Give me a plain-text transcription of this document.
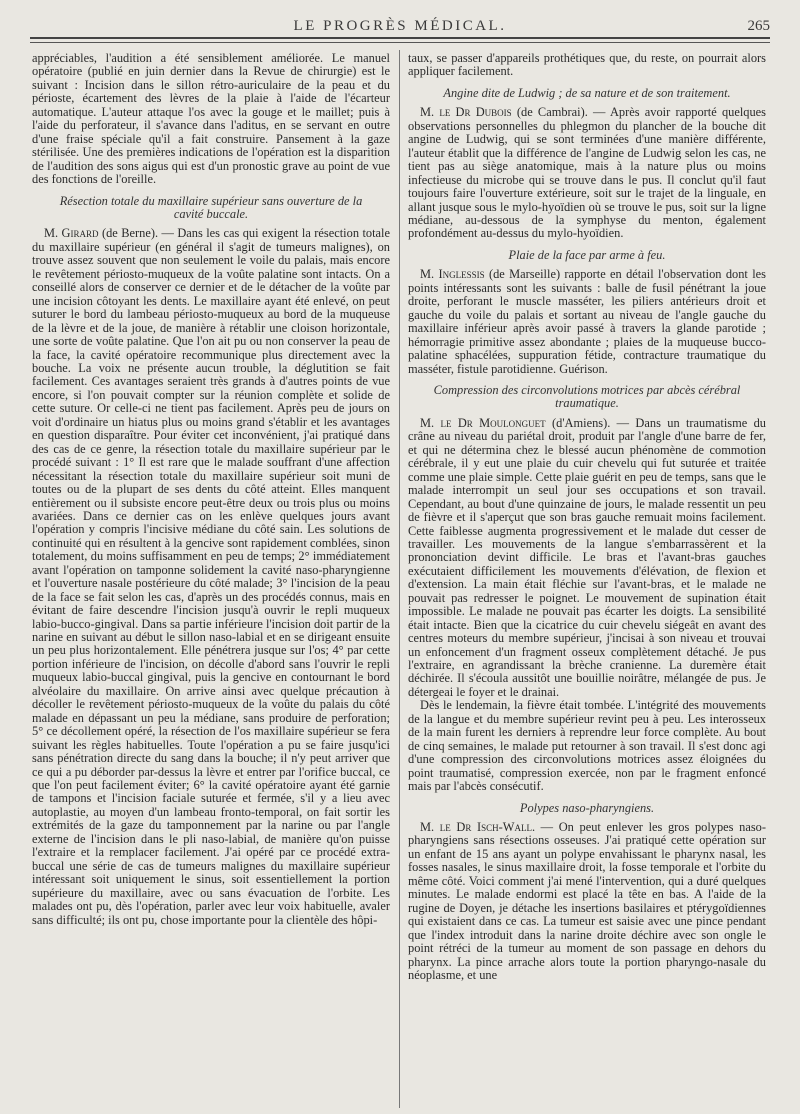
LE PROGRÈS MÉDICAL.	265

appréciables, l'audition a été sensiblement améliorée. Le manuel opératoire (publié en juin dernier dans la Revue de chirurgie) est le suivant : Incision dans le sillon rétro-auriculaire de la peau et du périoste, écartement des lèvres de la plaie à l'aide de l'écarteur automatique. L'auteur attaque l'os avec la gouge et le maillet; puis à l'aide du perforateur, il s'avance dans l'aditus, en se servant en outre d'une fraise spéciale qu'il a fait construire. Pansement à la gaze stérilisée. Une des premières indications de l'opération est la disparition de l'audition des sons aigus qui est d'un pronostic grave au point de vue des fonctions de l'oreille.

Résection totale du maxillaire supérieur sans ouverture de la cavité buccale.

M. Girard (de Berne). — Dans les cas qui exigent la résection totale du maxillaire supérieur (en général il s'agit de tumeurs malignes), on trouve assez souvent que non seulement le voile du palais, mais encore le revêtement périosto-muqueux de la voûte palatine sont intacts. On a conseillé alors de conserver ce dernier et de le détacher de la voûte par une incision côtoyant les dents. Le maxillaire ayant été enlevé, on peut suturer le bord du lambeau périosto-muqueux au bord de la muqueuse de la lèvre et de la joue, de manière à rétablir une cloison horizontale, une sorte de voûte palatine. Que l'on ait pu ou non conserver la peau de la face, la cavité opératoire recommunique plus directement avec la bouche. La voix ne présente aucun trouble, la déglutition se fait facilement. Ces avantages seraient très grands à d'autres points de vue encore, si l'on pouvait compter sur la réunion complète et solide de cette suture. Or celle-ci ne tient pas facilement. Après peu de jours on voit d'ordinaire un hiatus plus ou moins grand s'établir et les avantages en question disparaître. Pour éviter cet inconvénient, j'ai pratiqué dans des cas de ce genre, la résection totale du maxillaire supérieur par le procédé suivant : 1° Il est rare que le malade souffrant d'une affection nécessitant la résection totale du maxillaire supérieur soit muni de toutes ou de la plupart de ses dents du côté atteint. Elles manquent entièrement ou il subsiste encore peut-être deux ou trois plus ou moins avariées. Dans ce dernier cas on les enlève quelques jours avant l'opération y compris l'incisive médiane du côté sain. Les solutions de continuité qui en résultent à la gencive sont rapidement comblées, sinon totalement, du moins suffisamment en peu de temps; 2° immédiatement avant l'opération on tamponne solidement la cavité naso-pharyngienne et l'ouverture nasale postérieure du côté malade; 3° l'incision de la peau de la face se fait selon les cas, d'après un des procédés connus, mais en évitant de faire descendre l'incision jusqu'à ouvrir le repli muqueux labio-bucco-gingival. Dans sa partie inférieure l'incision doit partir de la narine en suivant au début le sillon naso-labial et en se dirigeant ensuite un peu plus horizontalement. Elle pénétrera jusque sur l'os; 4° par cette portion inférieure de l'incision, on décolle d'abord sans l'ouvrir le repli muqueux labio-buccal gingival, puis la gencive en contournant le bord alvéolaire du maxillaire. On arrive ainsi avec quelque précaution à décoller le revêtement périosto-muqueux de la voûte du palais du côté malade en dépassant un peu la médiane, sans produire de perforation; 5° ce décollement opéré, la résection de l'os maxillaire supérieur se fera suivant les règles habituelles. Toute l'opération a pu se faire jusqu'ici sans pénétration directe du sang dans la bouche; il n'y peut arriver que ce qui a pu déborder par-dessus la lèvre et entrer par l'orifice buccal, ce que l'on peut facilement éviter; 6° la cavité opératoire ayant été garnie de tampons et l'incision faciale suturée et fermée, s'il y a lieu avec autoplastie, au moyen d'un lambeau fronto-temporal, on fait sortir les extrémités de la gaze du tamponnement par la narine ou par l'angle externe de l'incision dans le pli naso-labial, de manière qu'on puisse l'extraire et la remplacer facilement. J'ai opéré par ce procédé extra-buccal une série de cas de tumeurs malignes du maxillaire supérieur intéressant soit uniquement le sinus, soit essentiellement la portion supérieure du maxillaire, avec ou sans évacuation de l'orbite. Les malades ont pu, dès l'opération, parler avec leur voix habituelle, avaler sans difficulté; ils ont pu, chose importante pour la clientèle des hôpi-

taux, se passer d'appareils prothétiques que, du reste, on pourrait alors appliquer facilement.

Angine dite de Ludwig ; de sa nature et de son traitement.

M. le Dr Dubois (de Cambrai). — Après avoir rapporté quelques observations personnelles du phlegmon du plancher de la bouche dit angine de Ludwig, qui se sont terminées d'une manière différente, l'auteur établit que la différence de l'angine de Ludwig selon les cas, ne tient pas au siège anatomique, mais à la nature plus ou moins infectieuse du microbe qui se trouve dans le pus. Il conclut qu'il faut toujours faire l'ouverture extérieure, soit sur le trajet de la linguale, en allant jusque sous le mylo-hyoïdien où se trouve le pus, soit sur la ligne médiane, au-dessous de la symphyse du menton, également profondément au-dessus du mylo-hyoïdien.

Plaie de la face par arme à feu.

M. Inglessis (de Marseille) rapporte en détail l'observation dont les points intéressants sont les suivants : balle de fusil pénétrant la joue droite, perforant le muscle masséter, les piliers antérieurs droit et gauche du voile du palais et sortant au niveau de l'angle gauche du maxillaire inférieur après avoir passé à travers la glande parotide ; hémorragie primitive assez abondante ; plaies de la muqueuse bucco-palatine sphacélées, suppuration fétide, contracture traumatique du masséter, fistule parotidienne. Guérison.

Compression des circonvolutions motrices par abcès cérébral traumatique.

M. le Dr Moulonguet (d'Amiens). — Dans un traumatisme du crâne au niveau du pariétal droit, produit par l'angle d'une barre de fer, et qui ne détermina chez le blessé aucun phénomène de commotion cérébrale, il y eut une plaie du cuir chevelu qui fut suturée et traitée comme une plaie simple. Cette plaie guérit en peu de temps, sans que le malade interrompit un seul jour ses occupations et son travail. Cependant, au bout d'une quinzaine de jours, le malade ressentit un peu de fièvre et il s'aperçut que son bras gauche remuait moins facilement. Cette faiblesse augmenta progressivement et le malade dut cesser de travailler. Les mouvements de la langue s'embarrassèrent et la prononciation devint difficile. Le bras et l'avant-bras gauches exécutaient difficilement les mouvements d'élévation, de flexion et d'extension. La main était fléchie sur l'avant-bras, et le malade ne pouvait pas redresser le poignet. Le mouvement de supination était impossible. Le malade ne pouvait pas écarter les doigts. La sensibilité était intacte. Bien que la cicatrice du cuir chevelu siégeât en avant des centres moteurs du membre supérieur, j'incisai à son niveau et trouvai un enfoncement d'un fragment osseux complètement détaché. Je pus l'extraire, en agrandissant la brèche cranienne. La duremère était déchirée. Il s'écoula aussitôt une bouillie noirâtre, mélangée de pus. Je détergeai le foyer et le drainai.

Dès le lendemain, la fièvre était tombée. L'intégrité des mouvements de la langue et du membre supérieur revint peu à peu. Les interosseux de la main furent les derniers à reprendre leur force complète. Au bout de cinq semaines, le malade put retourner à son travail. Il s'est donc agi d'une compression des circonvolutions motrices assez éloignées du point traumatisé, compression exercée, non par le fragment enfoncé mais par l'abcès consécutif.

Polypes naso-pharyngiens.

M. le Dr Isch-Wall. — On peut enlever les gros polypes naso-pharyngiens sans résections osseuses. J'ai pratiqué cette opération sur un enfant de 15 ans ayant un polype envahissant le pharynx nasal, les fosses nasales, le sinus maxillaire droit, la fosse temporale et l'orbite du même côté. Voici comment j'ai mené l'intervention, qui a duré quelques minutes. Le malade endormi est placé la tête en bas. A l'aide de la rugine de Doyen, je détache les insertions basilaires et ptérygoïdiennes qui existaient dans ce cas. La tumeur est saisie avec une pince pendant que l'index introduit dans la narine droite déchire avec son ongle le point rétréci de la tumeur au moment de son passage en dehors du pharynx. La pince arrache alors toute la portion pharyngo-nasale du néoplasme, et une
